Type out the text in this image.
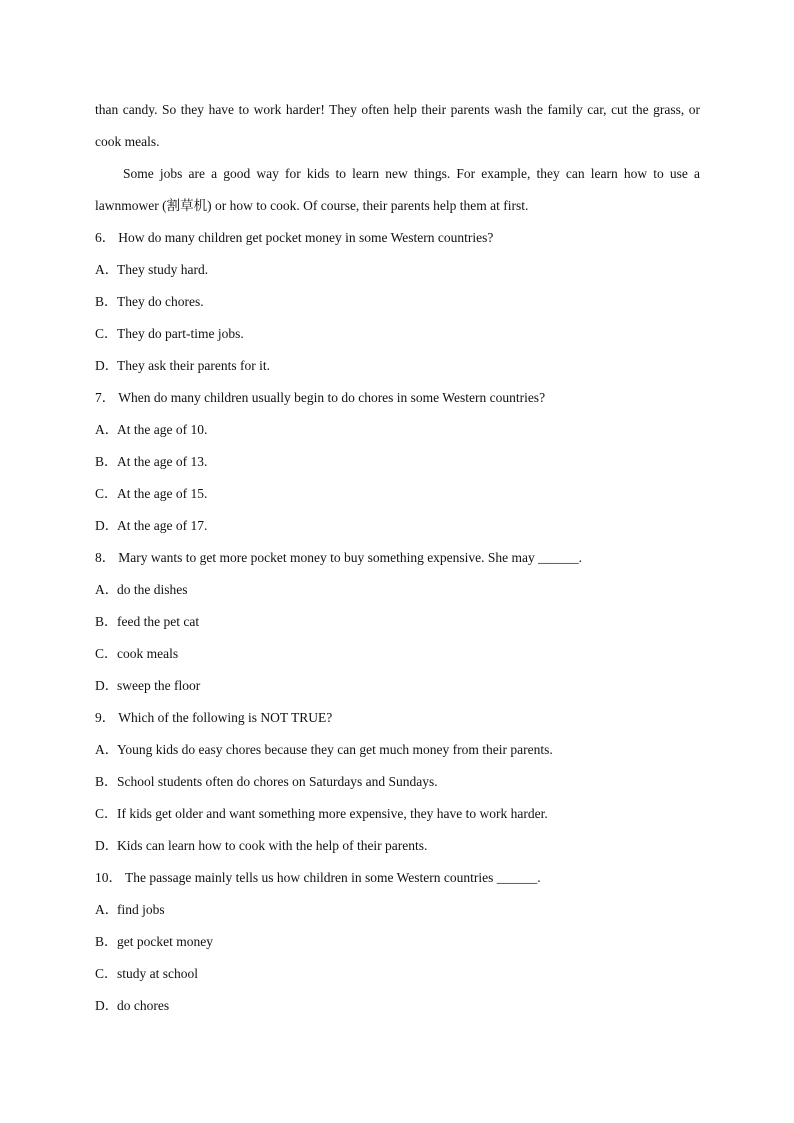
than candy. So they have to work harder! They often help their parents wash the family car, cut the grass, or
cook meals.
Some jobs are a good way for kids to learn new things. For example, they can learn how to use a
lawnmower (割草机) or how to cook. Of course, their parents help them at first.
6． How do many children get pocket money in some Western countries?
A．They study hard.
B．They do chores.
C．They do part-time jobs.
D．They ask their parents for it.
7． When do many children usually begin to do chores in some Western countries?
A．At the age of 10.
B．At the age of 13.
C．At the age of 15.
D．At the age of 17.
8． Mary wants to get more pocket money to buy something expensive. She may ______.
A．do the dishes
B．feed the pet cat
C．cook meals
D．sweep the floor
9． Which of the following is NOT TRUE?
A．Young kids do easy chores because they can get much money from their parents.
B．School students often do chores on Saturdays and Sundays.
C．If kids get older and want something more expensive, they have to work harder.
D．Kids can learn how to cook with the help of their parents.
10． The passage mainly tells us how children in some Western countries ______.
A．find jobs
B．get pocket money
C．study at school
D．do chores
